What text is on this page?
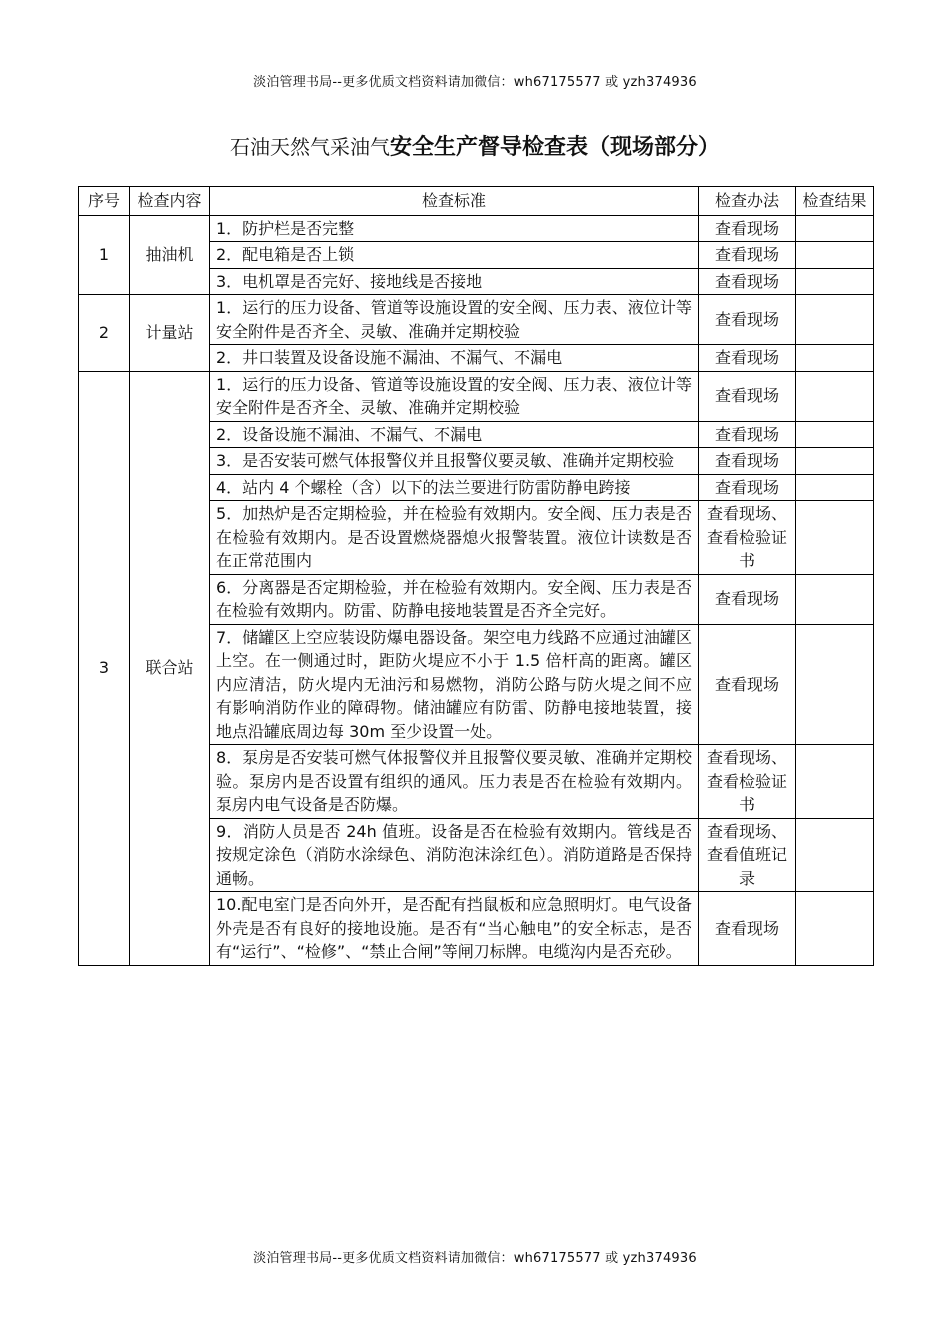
淡泊管理书局--更多优质文档资料请加微信：wh67175577 或 yzh374936
石油天然气采油气安全生产督导检查表（现场部分）
序号	检查内容	检查标准	检查办法	检查结果
1	抽油机	1．防护栏是否完整	查看现场	
		2．配电箱是否上锁	查看现场	
		3．电机罩是否完好、接地线是否接地	查看现场	
2	计量站	1．运行的压力设备、管道等设施设置的安全阀、压力表、液位计等安全附件是否齐全、灵敏、准确并定期校验	查看现场	
		2．井口装置及设备设施不漏油、不漏气、不漏电	查看现场	
3	联合站	1．运行的压力设备、管道等设施设置的安全阀、压力表、液位计等安全附件是否齐全、灵敏、准确并定期校验	查看现场	
		2．设备设施不漏油、不漏气、不漏电	查看现场	
		3．是否安装可燃气体报警仪并且报警仪要灵敏、准确并定期校验	查看现场	
		4．站内 4 个螺栓（含）以下的法兰要进行防雷防静电跨接	查看现场	
		5．加热炉是否定期检验，并在检验有效期内。安全阀、压力表是否在检验有效期内。是否设置燃烧器熄火报警装置。液位计读数是否在正常范围内	查看现场、查看检验证书	
		6．分离器是否定期检验，并在检验有效期内。安全阀、压力表是否在检验有效期内。防雷、防静电接地装置是否齐全完好。	查看现场	
		7．储罐区上空应装设防爆电器设备。架空电力线路不应通过油罐区上空。在一侧通过时，距防火堤应不小于 1.5 倍杆高的距离。罐区内应清洁，防火堤内无油污和易燃物，消防公路与防火堤之间不应有影响消防作业的障碍物。储油罐应有防雷、防静电接地装置，接地点沿罐底周边每 30m 至少设置一处。	查看现场	
		8．泵房是否安装可燃气体报警仪并且报警仪要灵敏、准确并定期校验。泵房内是否设置有组织的通风。压力表是否在检验有效期内。泵房内电气设备是否防爆。	查看现场、查看检验证书	
		9．消防人员是否 24h 值班。设备是否在检验有效期内。管线是否按规定涂色（消防水涂绿色、消防泡沫涂红色）。消防道路是否保持通畅。	查看现场、查看值班记录	
		10.配电室门是否向外开，是否配有挡鼠板和应急照明灯。电气设备外壳是否有良好的接地设施。是否有“当心触电”的安全标志，是否有“运行”、“检修”、“禁止合闸”等闸刀标牌。电缆沟内是否充砂。	查看现场	
淡泊管理书局--更多优质文档资料请加微信：wh67175577 或 yzh374936
